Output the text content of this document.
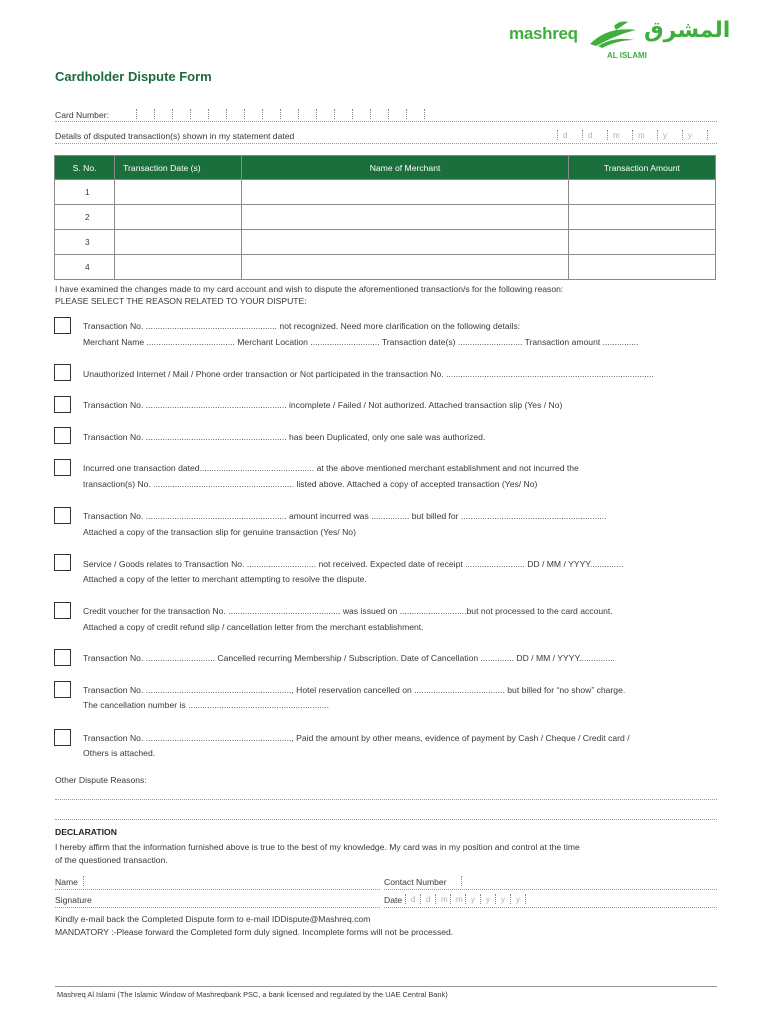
mashreq	المشرق
AL ISLAMI
Cardholder Dispute Form
Card Number:
Details of disputed transaction(s) shown in my statement dated	d	d	m m y	y
S. No.	Transaction Date (s)	Name of Merchant	Transaction Amount
1			
2			
3			
4			
I have examined the changes made to my card account and wish to dispute the aforementioned transaction/s for the following reason:
PLEASE SELECT THE REASON RELATED TO YOUR DISPUTE:
Transaction No. ....................................................... not recognized. Need more clarification on the following details:
Merchant Name ..................................... Merchant Location ............................. Transaction date(s) ........................... Transaction amount ...............
Unauthorized Internet / Mail / Phone order transaction or Not participated in the transaction No. .......................................................................................
Transaction No. ........................................................... incomplete / Failed / Not authorized. Attached transaction slip (Yes / No)
Transaction No. ........................................................... has been Duplicated, only one sale was authorized.
Incurred one transaction dated................................................ at the above mentioned merchant establishment and not incurred the
transaction(s) No. ........................................................... listed above. Attached a copy of accepted transaction (Yes/ No)
Transaction No. ........................................................... amount incurred was ................ but billed for .............................................................
Attached a copy of the transaction slip for genuine transaction (Yes/ No)
Service / Goods relates to Transaction No. ............................. not received. Expected date of receipt ......................... DD / MM / YYYY..............
Attached a copy of the letter to merchant attempting to resolve the dispute.
Credit voucher for the transaction No. ............................................... was issued on ............................but not processed to the card account.
Attached a copy of credit refund slip / cancellation letter from the merchant establishment.
Transaction No. ............................. Cancelled recurring Membership / Subscription. Date of Cancellation .............. DD / MM / YYYY...............
Transaction No. ............................................................., Hotel reservation cancelled on ...................................... but billed for “no show” charge.
The cancellation number is ...........................................................
Transaction No. ............................................................., Paid the amount by other means, evidence of payment by Cash / Cheque / Credit card /
Others is attached.
Other Dispute Reasons:
DECLARATION
I hereby affirm that the information furnished above is true to the best of my knowledge. My card was in my position and control at the time
of the questioned transaction.
Name	Contact Number
Signature	Date d d m m y y y y
Kindly e-mail back the Completed Dispute form to e-mail IDDispute@Mashreq.com
MANDATORY :-Please forward the Completed form duly signed. Incomplete forms will not be processed.
Mashreq Al Islami (The Islamic Window of Mashreqbank PSC, a bank licensed and regulated by the UAE Central Bank)
